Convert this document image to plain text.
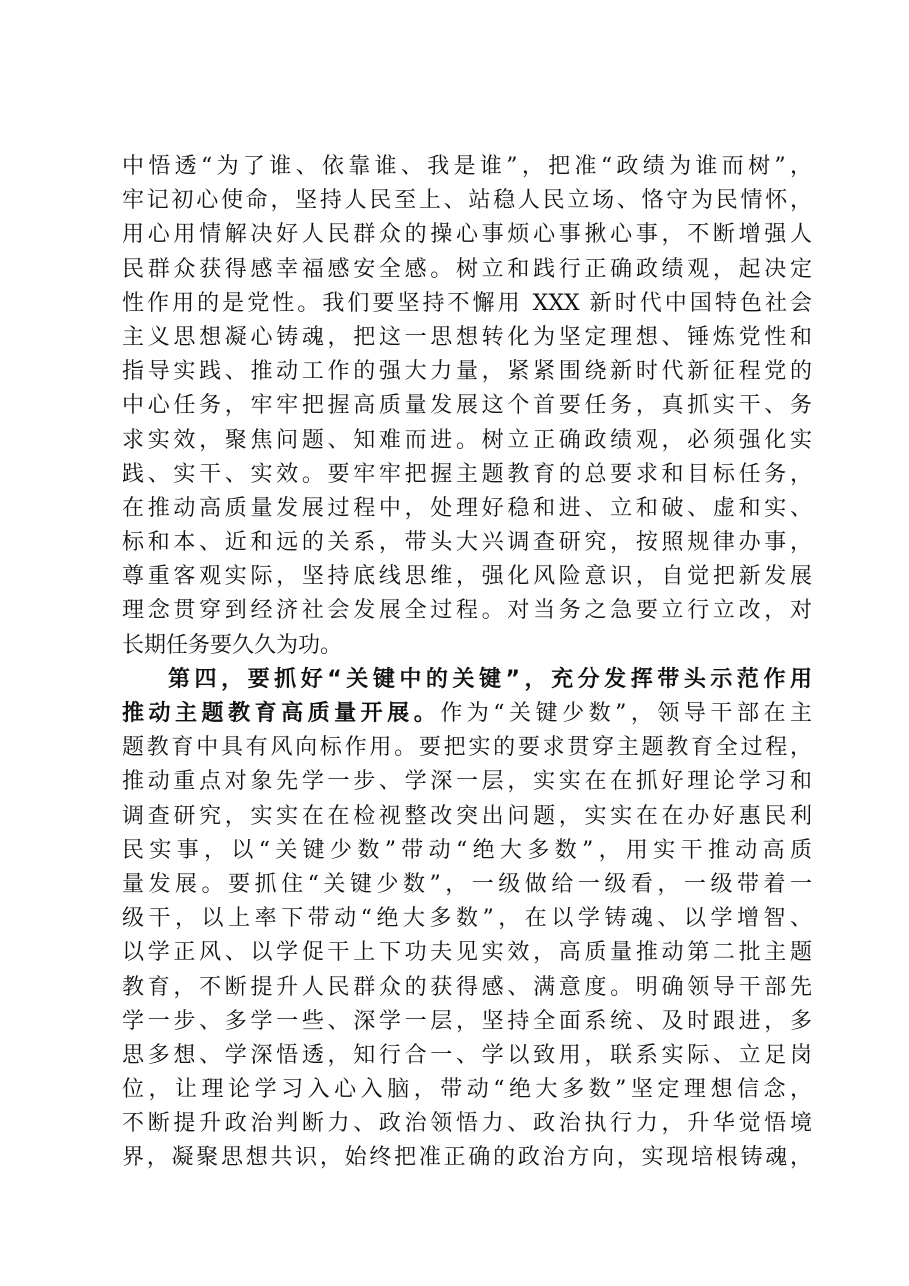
中悟透“为了谁、依靠谁、我是谁”，把准“政绩为谁而树”，
牢记初心使命，坚持人民至上、站稳人民立场、恪守为民情怀，
用心用情解决好人民群众的操心事烦心事揪心事，不断增强人
民群众获得感幸福感安全感。树立和践行正确政绩观，起决定
性作用的是党性。我们要坚持不懈用 XXX 新时代中国特色社会
主义思想凝心铸魂，把这一思想转化为坚定理想、锤炼党性和
指导实践、推动工作的强大力量，紧紧围绕新时代新征程党的
中心任务，牢牢把握高质量发展这个首要任务，真抓实干、务
求实效，聚焦问题、知难而进。树立正确政绩观，必须强化实
践、实干、实效。要牢牢把握主题教育的总要求和目标任务，
在推动高质量发展过程中，处理好稳和进、立和破、虚和实、
标和本、近和远的关系，带头大兴调查研究，按照规律办事，
尊重客观实际，坚持底线思维，强化风险意识，自觉把新发展
理念贯穿到经济社会发展全过程。对当务之急要立行立改，对
长期任务要久久为功。
第四，要抓好“关键中的关键”，充分发挥带头示范作用
推动主题教育高质量开展。作为“关键少数”，领导干部在主
题教育中具有风向标作用。要把实的要求贯穿主题教育全过程，
推动重点对象先学一步、学深一层，实实在在抓好理论学习和
调查研究，实实在在检视整改突出问题，实实在在办好惠民利
民实事，以“关键少数”带动“绝大多数”，用实干推动高质
量发展。要抓住“关键少数”，一级做给一级看，一级带着一
级干，以上率下带动“绝大多数”，在以学铸魂、以学增智、
以学正风、以学促干上下功夫见实效，高质量推动第二批主题
教育，不断提升人民群众的获得感、满意度。明确领导干部先
学一步、多学一些、深学一层，坚持全面系统、及时跟进，多
思多想、学深悟透，知行合一、学以致用，联系实际、立足岗
位，让理论学习入心入脑，带动“绝大多数”坚定理想信念，
不断提升政治判断力、政治领悟力、政治执行力，升华觉悟境
界，凝聚思想共识，始终把准正确的政治方向，实现培根铸魂，
